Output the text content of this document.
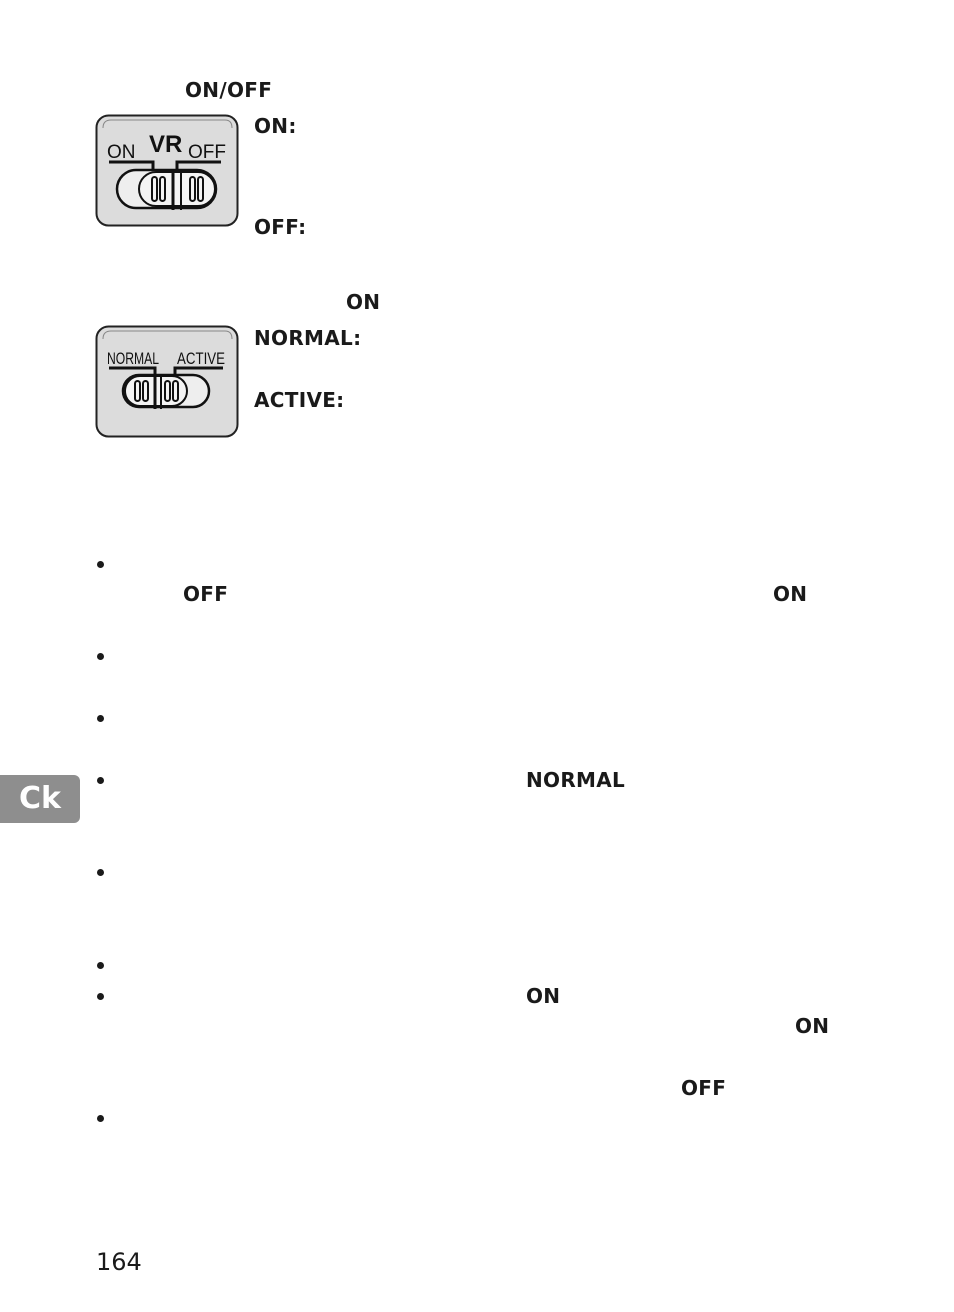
ON/OFF
VR
ON	OFF
ON:
OFF:
ON
NORMAL ACTIVE
NORMAL:
ACTIVE:
OFF	ON
NORMAL
ON
ON
OFF
Ck
164
